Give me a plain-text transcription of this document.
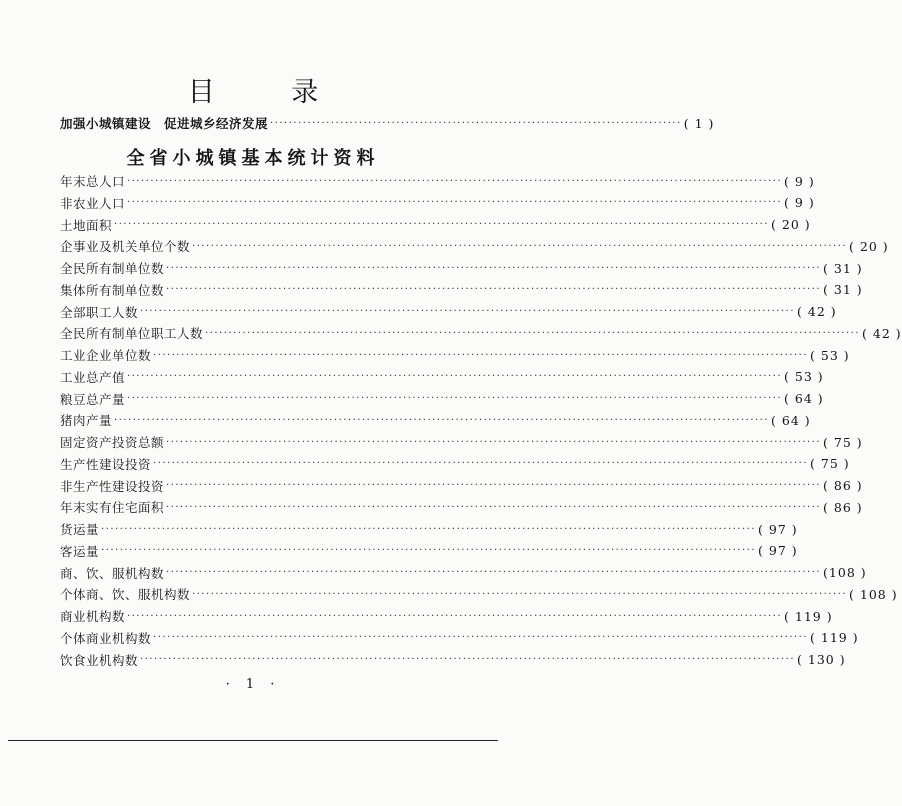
目 录
加强小城镇建设　促进城乡经济发展 ························································································ ( 1 )
全省小城镇基本统计资料
年末总人口 ············································································································································ ( 9 )
非农业人口 ············································································································································ ( 9 )
土地面积 ············································································································································ ( 20 )
企事业及机关单位个数 ············································································································································ ( 20 )
全民所有制单位数 ············································································································································ ( 31 )
集体所有制单位数 ············································································································································ ( 31 )
全部职工人数 ············································································································································ ( 42 )
全民所有制单位职工人数 ············································································································································ ( 42 )
工业企业单位数 ············································································································································ ( 53 )
工业总产值 ············································································································································ ( 53 )
粮豆总产量 ············································································································································ ( 64 )
猪肉产量 ············································································································································ ( 64 )
固定资产投资总额 ············································································································································ ( 75 )
生产性建设投资 ············································································································································ ( 75 )
非生产性建设投资 ············································································································································ ( 86 )
年末实有住宅面积 ············································································································································ ( 86 )
货运量 ············································································································································ ( 97 )
客运量 ············································································································································ ( 97 )
商、饮、服机构数 ············································································································································ (108 )
个体商、饮、服机构数 ············································································································································ ( 108 )
商业机构数 ············································································································································ ( 119 )
个体商业机构数 ············································································································································ ( 119 )
饮食业机构数 ············································································································································ ( 130 )
· 1 ·
